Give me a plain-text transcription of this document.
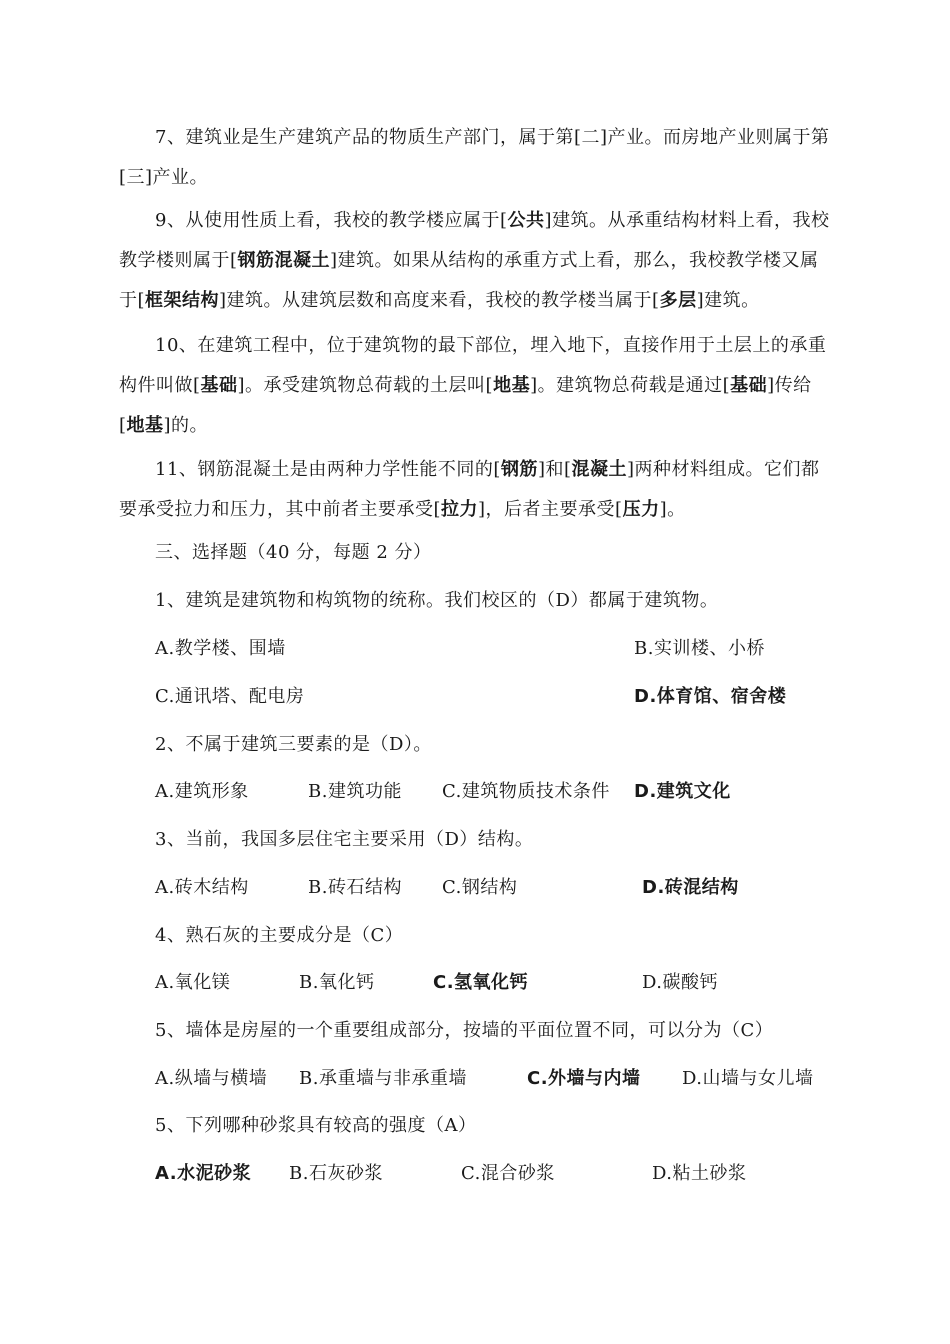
7、建筑业是生产建筑产品的物质生产部门，属于第[二]产业。而房地产业则属于第[三]产业。
9、从使用性质上看，我校的教学楼应属于[公共]建筑。从承重结构材料上看，我校教学楼则属于[钢筋混凝土]建筑。如果从结构的承重方式上看，那么，我校教学楼又属于[框架结构]建筑。从建筑层数和高度来看，我校的教学楼当属于[多层]建筑。
10、在建筑工程中，位于建筑物的最下部位，埋入地下，直接作用于土层上的承重构件叫做[基础]。承受建筑物总荷载的土层叫[地基]。建筑物总荷载是通过[基础]传给[地基]的。
11、钢筋混凝土是由两种力学性能不同的[钢筋]和[混凝土]两种材料组成。它们都要承受拉力和压力，其中前者主要承受[拉力]，后者主要承受[压力]。
三、选择题（40 分，每题 2 分）
1、建筑是建筑物和构筑物的统称。我们校区的（D）都属于建筑物。
A.教学楼、围墙	B.实训楼、小桥
C.通讯塔、配电房	D.体育馆、宿舍楼
2、不属于建筑三要素的是（D）。
A.建筑形象	B.建筑功能 C.建筑物质技术条件 D.建筑文化
3、当前，我国多层住宅主要采用（D）结构。
A.砖木结构	B.砖石结构 C.钢结构	D.砖混结构
4、熟石灰的主要成分是（C）
A.氧化镁	B.氧化钙	C.氢氧化钙	D.碳酸钙
5、墙体是房屋的一个重要组成部分，按墙的平面位置不同，可以分为（C）
A.纵墙与横墙 B.承重墙与非承重墙	C.外墙与内墙 D.山墙与女儿墙
5、下列哪种砂浆具有较高的强度（A）
A.水泥砂浆 B.石灰砂浆	C.混合砂浆	D.粘土砂浆
